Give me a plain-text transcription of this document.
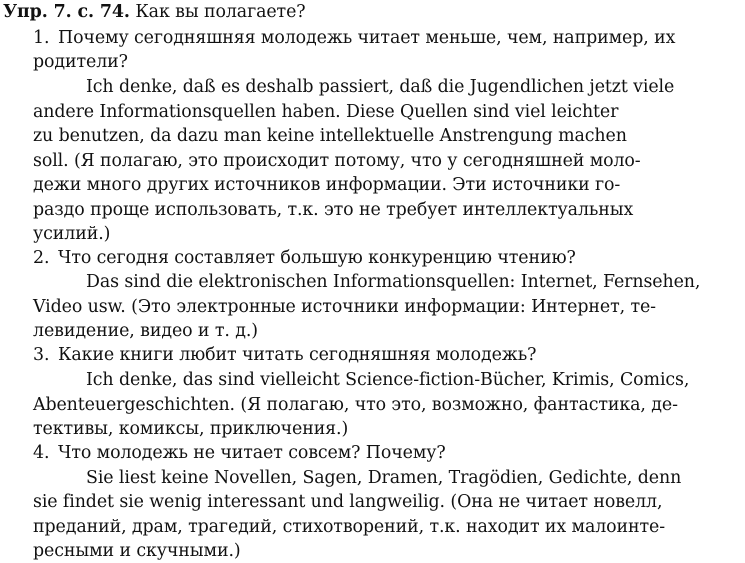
Упр. 7. с. 74. Как вы полагаете?
1. Почему сегодняшняя молодежь читает меньше, чем, например, их
родители?
Ich denke, daß es deshalb passiert, daß die Jugendlichen jetzt viele
andere Informationsquellen haben. Diese Quellen sind viel leichter
zu benutzen, da dazu man keine intellektuelle Anstrengung machen
soll. (Я полагаю, это происходит потому, что у сегодняшней моло-
дежи много других источников информации. Эти источники го-
раздо проще использовать, т.к. это не требует интеллектуальных
усилий.)
2. Что сегодня составляет большую конкуренцию чтению?
Das sind die elektronischen Informationsquellen: Internet, Fernsehen,
Video usw. (Это электронные источники информации: Интернет, те-
левидение, видео и т. д.)
3. Какие книги любит читать сегодняшняя молодежь?
Ich denke, das sind vielleicht Science-fiction-Bücher, Krimis, Comics,
Abenteuergeschichten. (Я полагаю, что это, возможно, фантастика, де-
тективы, комиксы, приключения.)
4. Что молодежь не читает совсем? Почему?
Sie liest keine Novellen, Sagen, Dramen, Tragödien, Gedichte, denn
sie findet sie wenig interessant und langweilig. (Она не читает новелл,
преданий, драм, трагедий, стихотворений, т.к. находит их малоинте-
ресными и скучными.)
